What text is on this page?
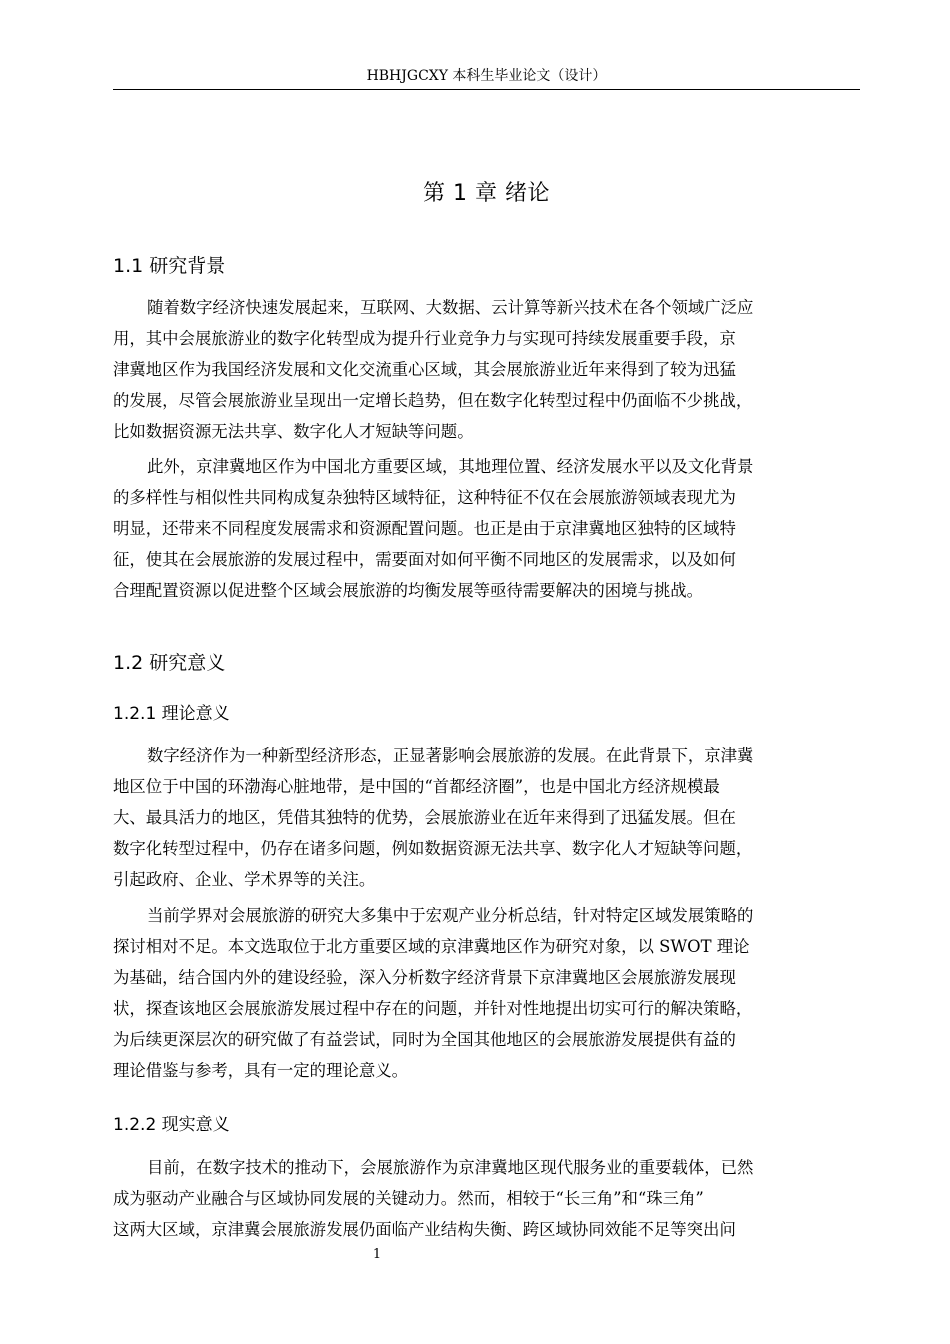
HBHJGCXY 本科生毕业论文（设计）
第 1 章 绪论
1.1 研究背景
随着数字经济快速发展起来，互联网、大数据、云计算等新兴技术在各个领域广泛应
用，其中会展旅游业的数字化转型成为提升行业竞争力与实现可持续发展重要手段，京
津冀地区作为我国经济发展和文化交流重心区域，其会展旅游业近年来得到了较为迅猛
的发展，尽管会展旅游业呈现出一定增长趋势，但在数字化转型过程中仍面临不少挑战，
比如数据资源无法共享、数字化人才短缺等问题。
此外，京津冀地区作为中国北方重要区域，其地理位置、经济发展水平以及文化背景
的多样性与相似性共同构成复杂独特区域特征，这种特征不仅在会展旅游领域表现尤为
明显，还带来不同程度发展需求和资源配置问题。也正是由于京津冀地区独特的区域特
征，使其在会展旅游的发展过程中，需要面对如何平衡不同地区的发展需求，以及如何
合理配置资源以促进整个区域会展旅游的均衡发展等亟待需要解决的困境与挑战。
1.2 研究意义
1.2.1 理论意义
数字经济作为一种新型经济形态，正显著影响会展旅游的发展。在此背景下，京津冀
地区位于中国的环渤海心脏地带，是中国的“首都经济圈”，也是中国北方经济规模最
大、最具活力的地区，凭借其独特的优势，会展旅游业在近年来得到了迅猛发展。但在
数字化转型过程中，仍存在诸多问题，例如数据资源无法共享、数字化人才短缺等问题，
引起政府、企业、学术界等的关注。
当前学界对会展旅游的研究大多集中于宏观产业分析总结，针对特定区域发展策略的
探讨相对不足。本文选取位于北方重要区域的京津冀地区作为研究对象，以 SWOT 理论
为基础，结合国内外的建设经验，深入分析数字经济背景下京津冀地区会展旅游发展现
状，探查该地区会展旅游发展过程中存在的问题，并针对性地提出切实可行的解决策略，
为后续更深层次的研究做了有益尝试，同时为全国其他地区的会展旅游发展提供有益的
理论借鉴与参考，具有一定的理论意义。
1.2.2 现实意义
目前，在数字技术的推动下，会展旅游作为京津冀地区现代服务业的重要载体，已然
成为驱动产业融合与区域协同发展的关键动力。然而，相较于“长三角”和“珠三角”
这两大区域，京津冀会展旅游发展仍面临产业结构失衡、跨区域协同效能不足等突出问
1
